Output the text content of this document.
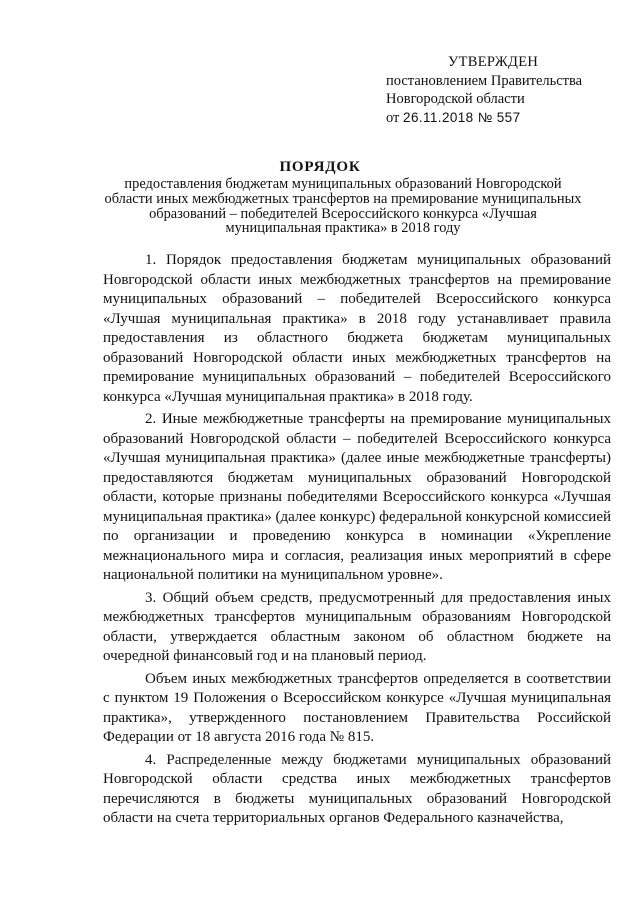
УТВЕРЖДЕН
постановлением Правительства
Новгородской области
от 26.11.2018 № 557
ПОРЯДОК
предоставления бюджетам муниципальных образований Новгородской области иных межбюджетных трансфертов на премирование муниципальных образований – победителей Всероссийского конкурса «Лучшая муниципальная практика» в 2018 году

1. Порядок предоставления бюджетам муниципальных образований Новгородской области иных межбюджетных трансфертов на премирование муниципальных образований – победителей Всероссийского конкурса «Лучшая муниципальная практика» в 2018 году устанавливает правила предоставления из областного бюджета бюджетам муниципальных образований Новгородской области иных межбюджетных трансфертов на премирование муниципальных образований – победителей Всероссийского конкурса «Лучшая муниципальная практика» в 2018 году.

2. Иные межбюджетные трансферты на премирование муниципальных образований Новгородской области – победителей Всероссийского конкурса «Лучшая муниципальная практика» (далее иные межбюджетные трансферты) предоставляются бюджетам муниципальных образований Новгородской области, которые признаны победителями Всероссийского конкурса «Лучшая муниципальная практика» (далее конкурс) федеральной конкурсной комиссией по организации и проведению конкурса в номинации «Укрепление межнационального мира и согласия, реализация иных мероприятий в сфере национальной политики на муниципальном уровне».

3. Общий объем средств, предусмотренный для предоставления иных межбюджетных трансфертов муниципальным образованиям Новгородской области, утверждается областным законом об областном бюджете на очередной финансовый год и на плановый период.

Объем иных межбюджетных трансфертов определяется в соответствии с пунктом 19 Положения о Всероссийском конкурсе «Лучшая муниципальная практика», утвержденного постановлением Правительства Российской Федерации от 18 августа 2016 года № 815.

4. Распределенные между бюджетами муниципальных образований Новгородской области средства иных межбюджетных трансфертов перечисляются в бюджеты муниципальных образований Новгородской области на счета территориальных органов Федерального казначейства,
